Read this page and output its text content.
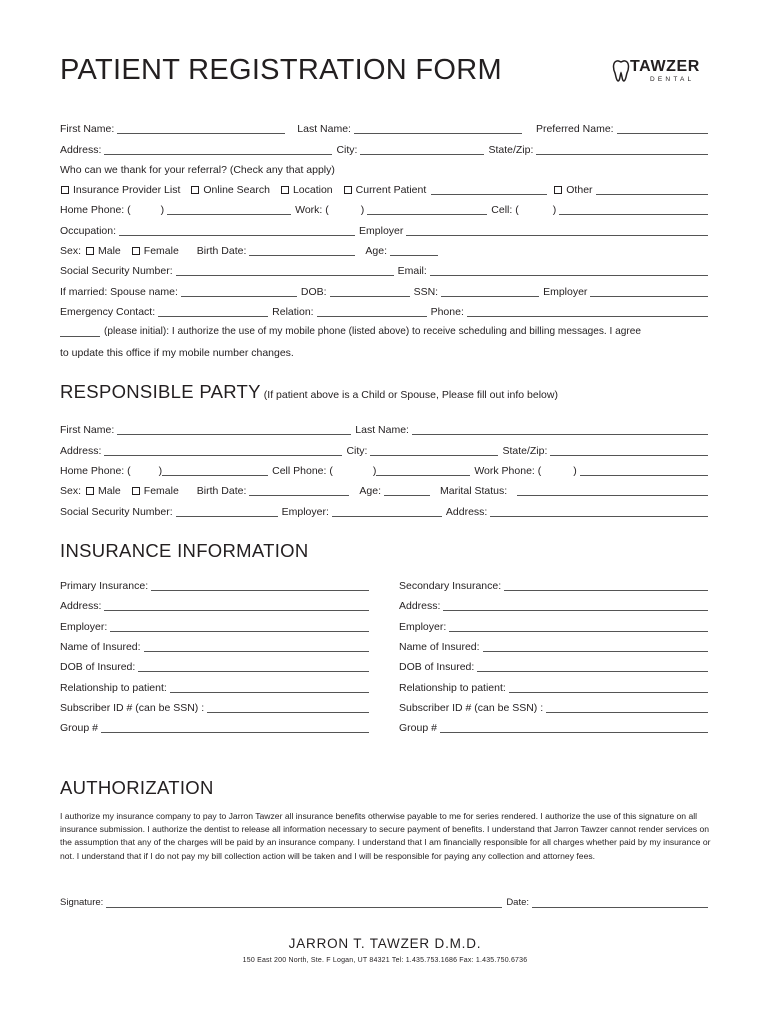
PATIENT REGISTRATION FORM	TAWZER
DENTAL
First Name:	Last Name:	Preferred Name:
Address:	City:	State/Zip:
Who can we thank for your referral? (Check any that apply)
Insurance Provider List Online Search Location Current Patient	Other
Home Phone: (	)	Work: (	)	Cell: (	)
Occupation:	Employer
Sex: Male Female Birth Date:	Age:
Social Security Number:	Email:
If married: Spouse name:	DOB:	SSN:	Employer
Emergency Contact:	Relation:	Phone:
(please initial): I authorize the use of my mobile phone (listed above) to receive scheduling and billing messages. I agree
to update this office if my mobile number changes.
RESPONSIBLE PARTY (If patient above is a Child or Spouse, Please fill out info below)
First Name:	Last Name:
Address:	City:	State/Zip:
Home Phone: (	)	Cell Phone: (	)	Work Phone: (	)
Sex: Male Female Birth Date:	Age:	Marital Status:
Social Security Number:	Employer:	Address:
INSURANCE INFORMATION
Primary Insurance:
Address:
Employer:
Name of Insured:
DOB of Insured:
Relationship to patient:
Subscriber ID # (can be SSN) :
Group #
Secondary Insurance:
Address:
Employer:
Name of Insured:
DOB of Insured:
Relationship to patient:
Subscriber ID # (can be SSN) :
Group #
AUTHORIZATION
I authorize my insurance company to pay to Jarron Tawzer all insurance benefits otherwise payable to me for series rendered. I authorize the use of this signature on all insurance submission. I authorize the dentist to release all information necessary to secure payment of benefits. I understand that Jarron Tawzer cannot render services on the assumption that any of the charges will be paid by an insurance company. I understand that I am financially responsible for all charges whether paid by my insurance or not. I understand that if I do not pay my bill collection action will be taken and I will be responsible for paying any collection and attorney fees.
Signature:	Date:
JARRON T. TAWZER D.M.D.
150 East 200 North, Ste. F Logan, UT 84321 Tel: 1.435.753.1686 Fax: 1.435.750.6736
